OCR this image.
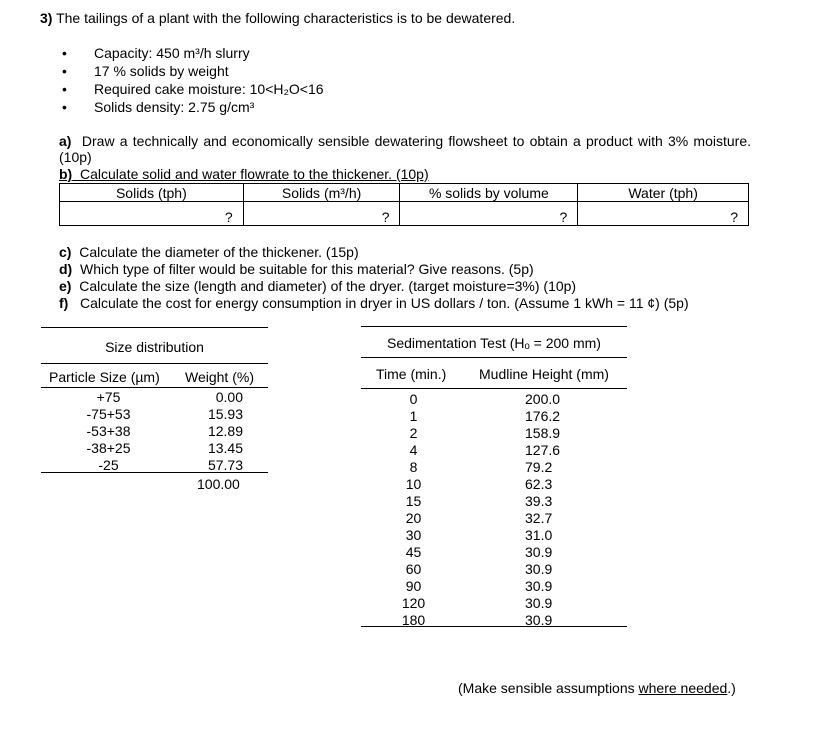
3) The tailings of a plant with the following characteristics is to be dewatered.
• Capacity: 450 m³/h slurry
• 17 % solids by weight
• Required cake moisture: 10<H₂O<16
• Solids density: 2.75 g/cm³
a) Draw a technically and economically sensible dewatering flowsheet to obtain a product with 3% moisture. (10p)
b) Calculate solid and water flowrate to the thickener. (10p)
Solids (tph)	Solids (m³/h)	% solids by volume	Water (tph)
?	?	?	?
c) Calculate the diameter of the thickener. (15p)
d) Which type of filter would be suitable for this material? Give reasons. (5p)
e) Calculate the size (length and diameter) of the dryer. (target moisture=3%) (10p)
f) Calculate the cost for energy consumption in dryer in US dollars / ton. (Assume 1 kWh = 11 ¢) (5p)
Size distribution
Particle Size (µm) Weight (%)
+75	0.00
-75+53	15.93
-53+38	12.89
-38+25	13.45
-25	57.73
100.00
Sedimentation Test (Hₒ = 200 mm)
Time (min.) Mudline Height (mm)
0	200.0
1	176.2
2	158.9
4	127.6
8	79.2
10	62.3
15	39.3
20	32.7
30	31.0
45	30.9
60	30.9
90	30.9
120	30.9
180	30.9
(Make sensible assumptions where needed.)
